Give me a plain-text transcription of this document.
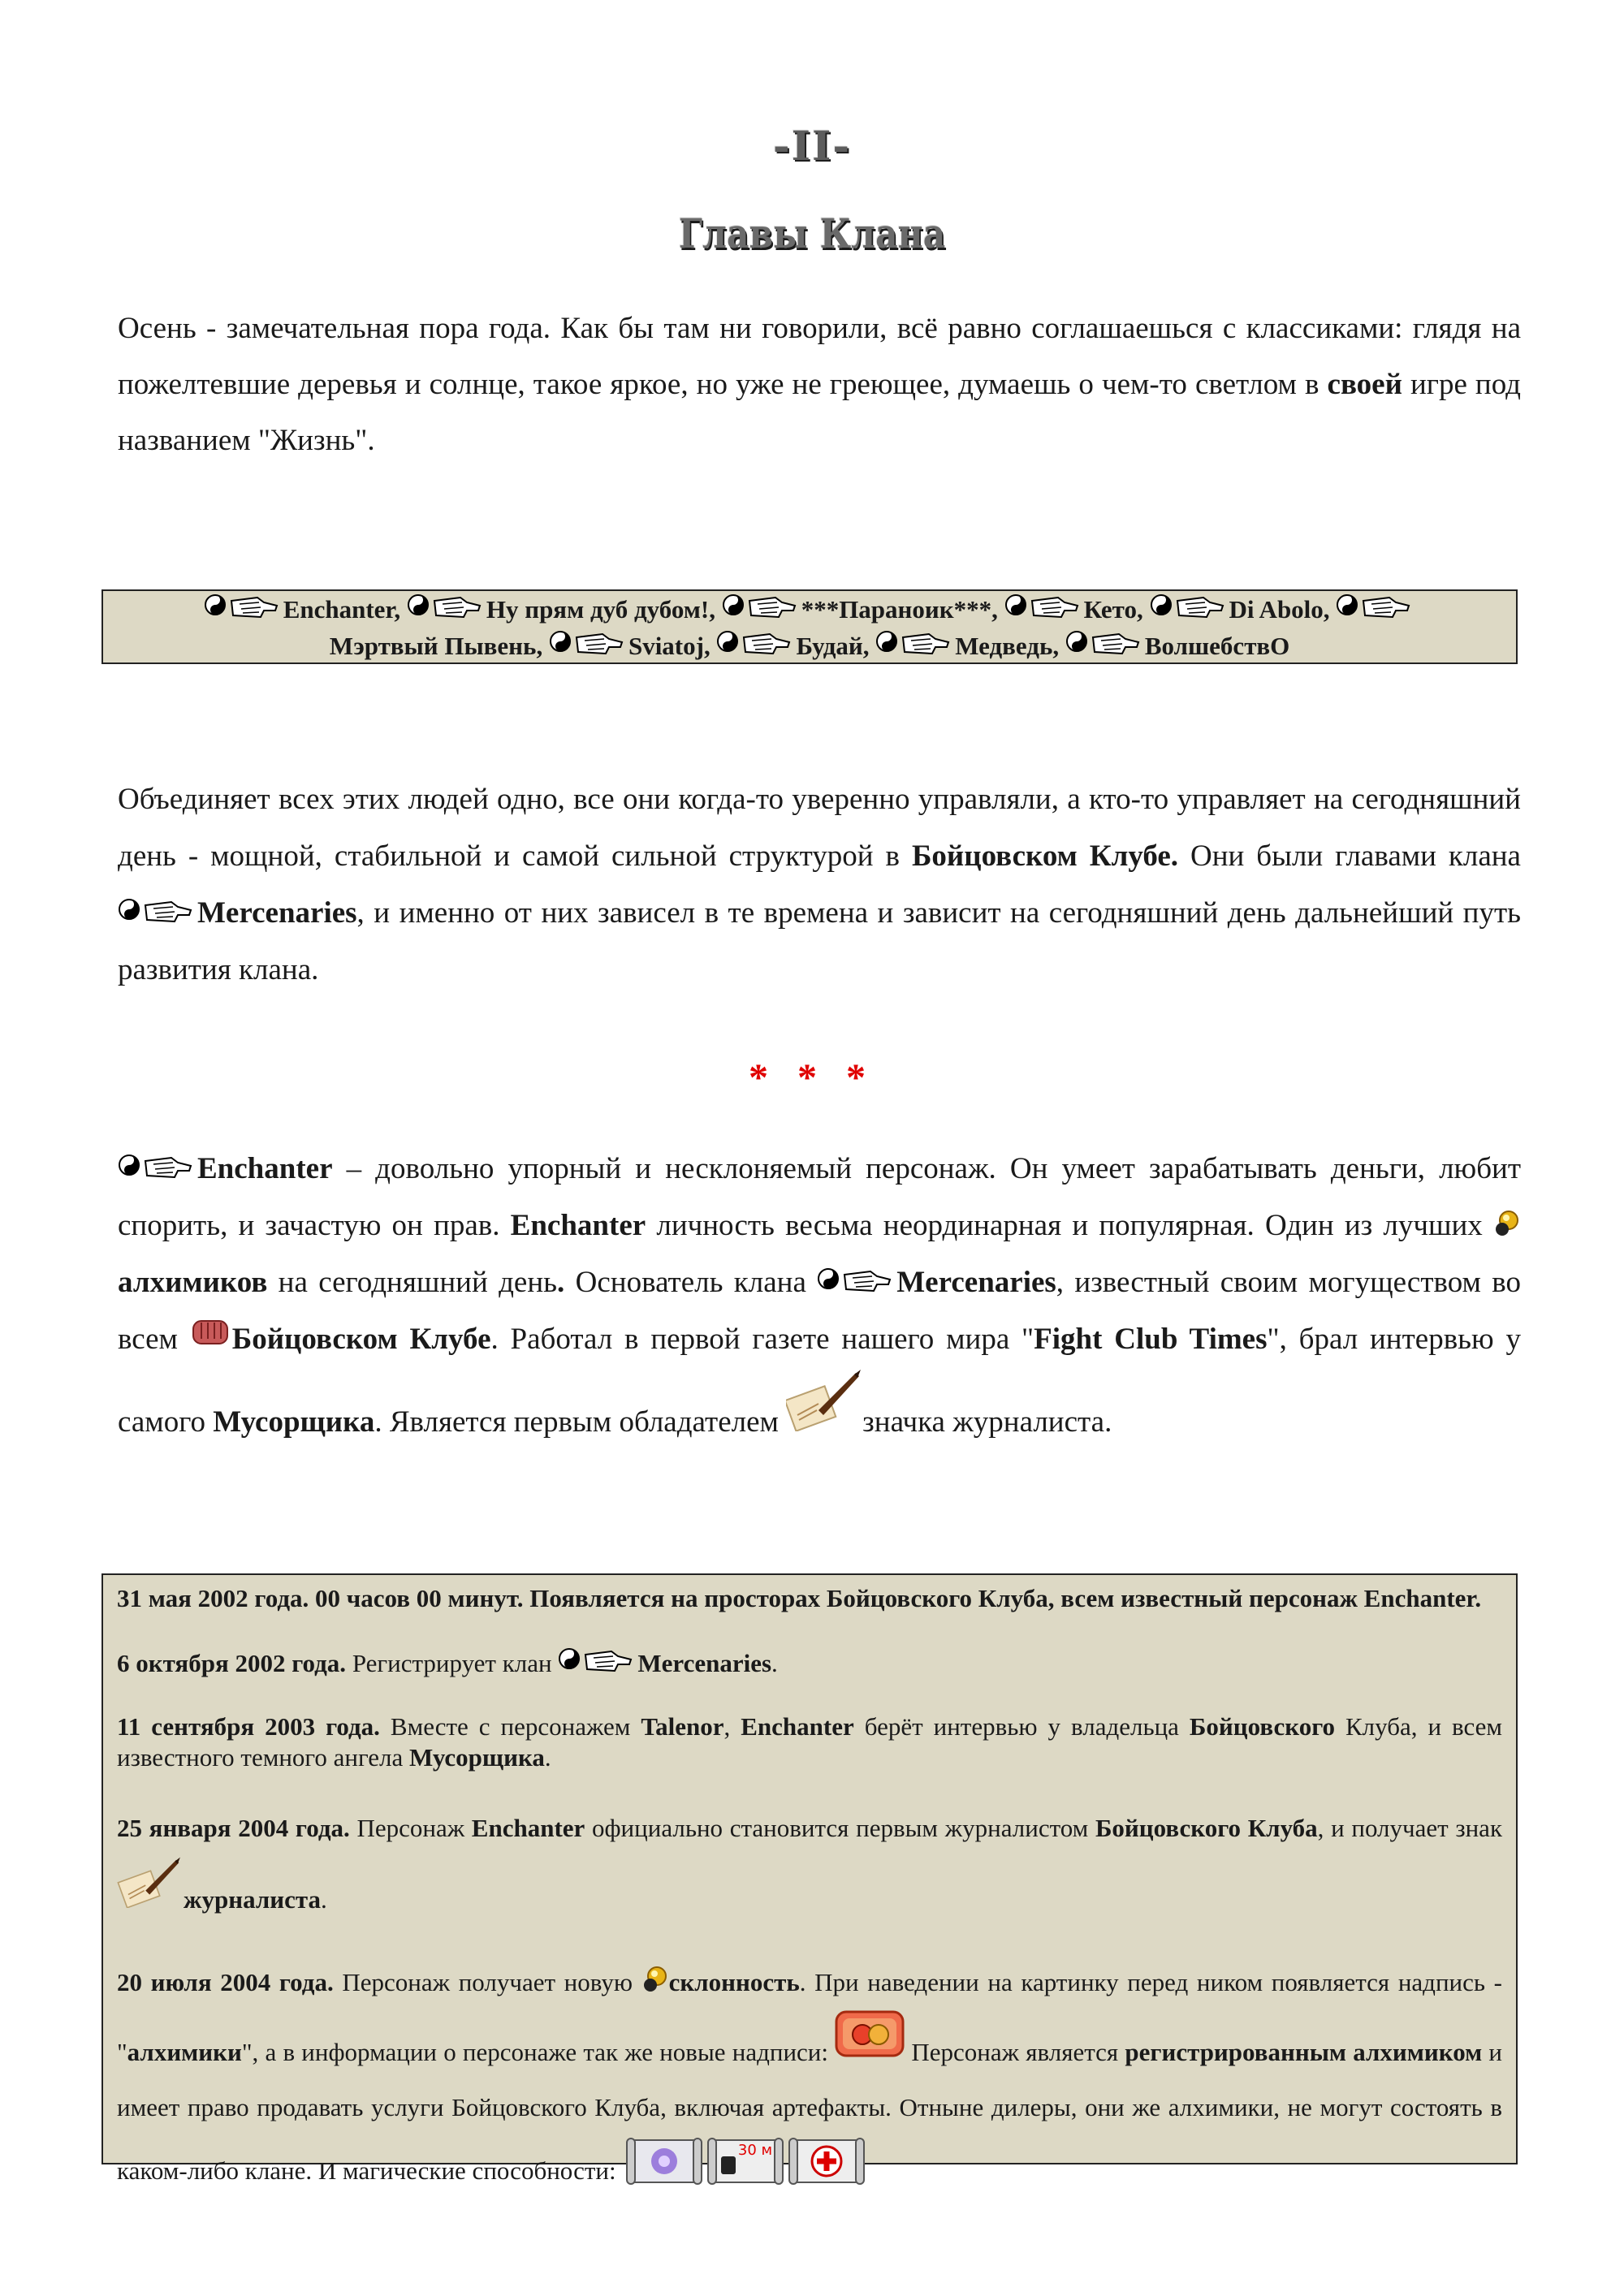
-II-
Главы Клана
Осень - замечательная пора года. Как бы там ни говорили, всё равно соглашаешься с классиками: глядя на пожелтевшие деревья и солнце, такое яркое, но уже не греющее, думаешь о чем-то светлом в своей игре под названием "Жизнь".
Enchanter,	Ну прям дуб дубом!,	***Параноик***,	Кето,	Di Abolo,

Мэртвый Пывень,	Sviatoj,	Будай,	Медведь,	ВолшебствО
Объединяет всех этих людей одно, все они когда-то уверенно управляли, а кто-то управляет на сегодняшний день - мощной, стабильной и самой сильной структурой в Бойцовском Клубе. Они были главами клана
Mercenaries, и именно от них зависел в те времена и зависит на сегодняшний день дальнейший путь развития клана.
* * *
Enchanter – довольно упорный и несклоняемый персонаж. Он умеет зарабатывать деньги, любит спорить, и зачастую он прав. Enchanter личность весьма неординарная и популярная. Один из лучших
алхимиков на сегодняшний день. Основатель клана	Mercenaries, известный своим могуществом во всем
Бойцовском Клубе. Работал в первой газете нашего мира "Fight Club Times", брал интервью у самого Мусорщика. Является первым обладателем	значка журналиста.

31 мая 2002 года. 00 часов 00 минут. Появляется на просторах Бойцовского Клуба, всем известный персонаж Enchanter.

6 октября 2002 года. Регистрирует клан	Mercenaries.

11 сентября 2003 года. Вместе с персонажем Talenor, Enchanter берёт интервью у владельца Бойцовского Клуба, и всем известного темного ангела Мусорщика.

25 января 2004 года. Персонаж Enchanter официально становится первым журналистом Бойцовского Клуба, и получает знак
журналиста.

20 июля 2004 года. Персонаж получает новую
склонность. При наведении на картинку перед ником появляется надпись - "алхимики", а в информации о персонаже так же новые надписи:	Персонаж является регистрированным алхимиком и имеет право продавать услуги Бойцовского Клуба, включая артефакты. Отныне дилеры, они же алхимики, не могут состоять в каком-либо клане. И магические способности:
30 м
